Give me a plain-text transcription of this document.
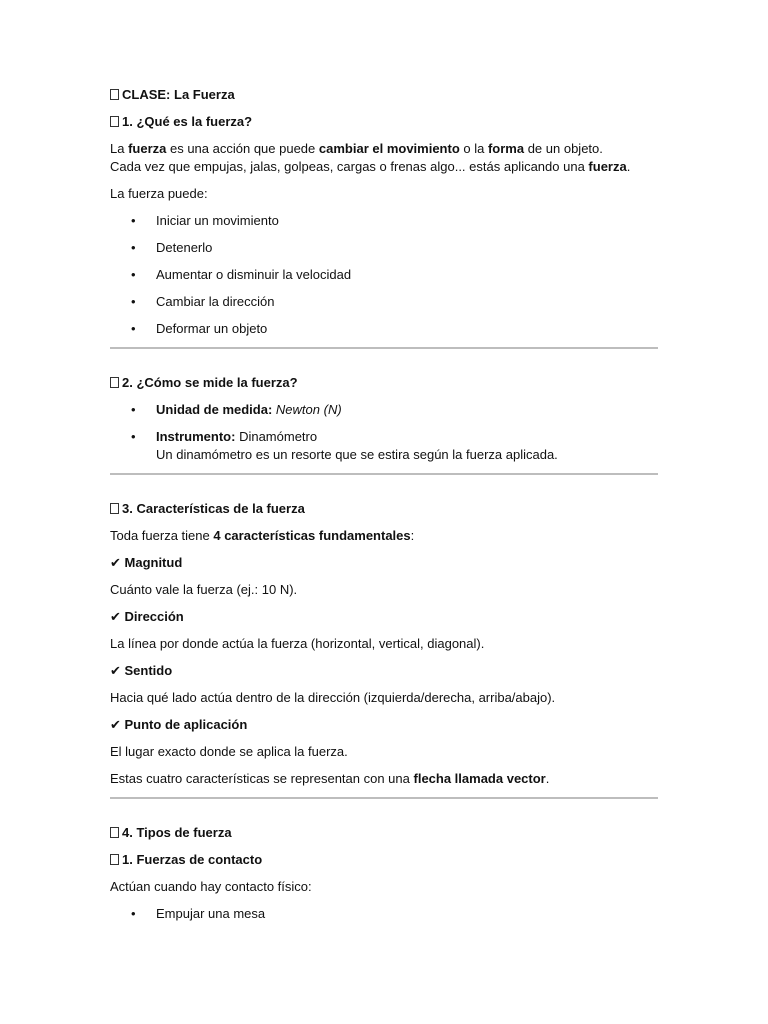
CLASE: La Fuerza
1. ¿Qué es la fuerza?
La fuerza es una acción que puede cambiar el movimiento o la forma de un objeto.
Cada vez que empujas, jalas, golpeas, cargas o frenas algo... estás aplicando una fuerza.
La fuerza puede:
• Iniciar un movimiento
• Detenerlo
• Aumentar o disminuir la velocidad
• Cambiar la dirección
• Deformar un objeto
2. ¿Cómo se mide la fuerza?
• Unidad de medida: Newton (N)
• Instrumento: Dinamómetro
Un dinamómetro es un resorte que se estira según la fuerza aplicada.
3. Características de la fuerza
Toda fuerza tiene 4 características fundamentales:
✔ Magnitud
Cuánto vale la fuerza (ej.: 10 N).
✔ Dirección
La línea por donde actúa la fuerza (horizontal, vertical, diagonal).
✔ Sentido
Hacia qué lado actúa dentro de la dirección (izquierda/derecha, arriba/abajo).
✔ Punto de aplicación
El lugar exacto donde se aplica la fuerza.
Estas cuatro características se representan con una flecha llamada vector.
4. Tipos de fuerza
1. Fuerzas de contacto
Actúan cuando hay contacto físico:
• Empujar una mesa
